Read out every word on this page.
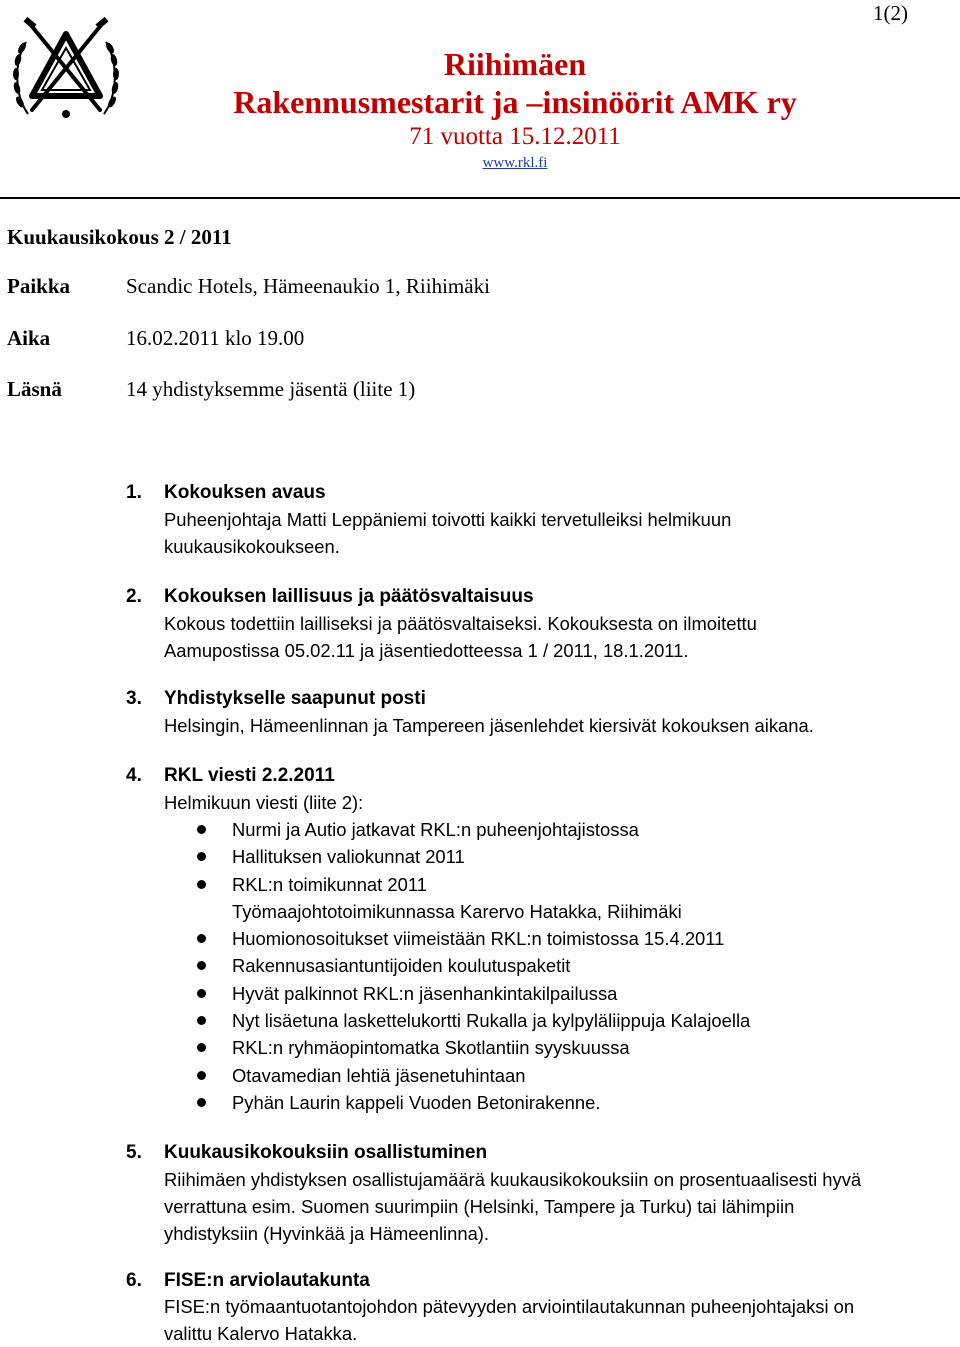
1(2)
Riihimäen
Rakennusmestarit ja –insinöörit AMK ry
71 vuotta 15.12.2011
www.rkl.fi
Kuukausikokous 2 / 2011
Paikka	Scandic Hotels, Hämeenaukio 1, Riihimäki
Aika	16.02.2011 klo 19.00
Läsnä	14 yhdistyksemme jäsentä (liite 1)
1. Kokouksen avaus
Puheenjohtaja Matti Leppäniemi toivotti kaikki tervetulleiksi helmikuun
kuukausikokoukseen.
2. Kokouksen laillisuus ja päätösvaltaisuus
Kokous todettiin lailliseksi ja päätösvaltaiseksi. Kokouksesta on ilmoitettu
Aamupostissa 05.02.11 ja jäsentiedotteessa 1 / 2011, 18.1.2011.
3. Yhdistykselle saapunut posti
Helsingin, Hämeenlinnan ja Tampereen jäsenlehdet kiersivät kokouksen aikana.
4. RKL viesti 2.2.2011
Helmikuun viesti (liite 2):
Nurmi ja Autio jatkavat RKL:n puheenjohtajistossa
Hallituksen valiokunnat 2011
RKL:n toimikunnat 2011
Työmaajohtotoimikunnassa Karervo Hatakka, Riihimäki
Huomionosoitukset viimeistään RKL:n toimistossa 15.4.2011
Rakennusasiantuntijoiden koulutuspaketit
Hyvät palkinnot RKL:n jäsenhankintakilpailussa
Nyt lisäetuna laskettelukortti Rukalla ja kylpyläliippuja Kalajoella
RKL:n ryhmäopintomatka Skotlantiin syyskuussa
Otavamedian lehtiä jäsenetuhintaan
Pyhän Laurin kappeli Vuoden Betonirakenne.
5. Kuukausikokouksiin osallistuminen
Riihimäen yhdistyksen osallistujamäärä kuukausikokouksiin on prosentuaalisesti hyvä
verrattuna esim. Suomen suurimpiin (Helsinki, Tampere ja Turku) tai lähimpiin
yhdistyksiin (Hyvinkää ja Hämeenlinna).
6. FISE:n arviolautakunta
FISE:n työmaantuotantojohdon pätevyyden arviointilautakunnan puheenjohtajaksi on
valittu Kalervo Hatakka.
